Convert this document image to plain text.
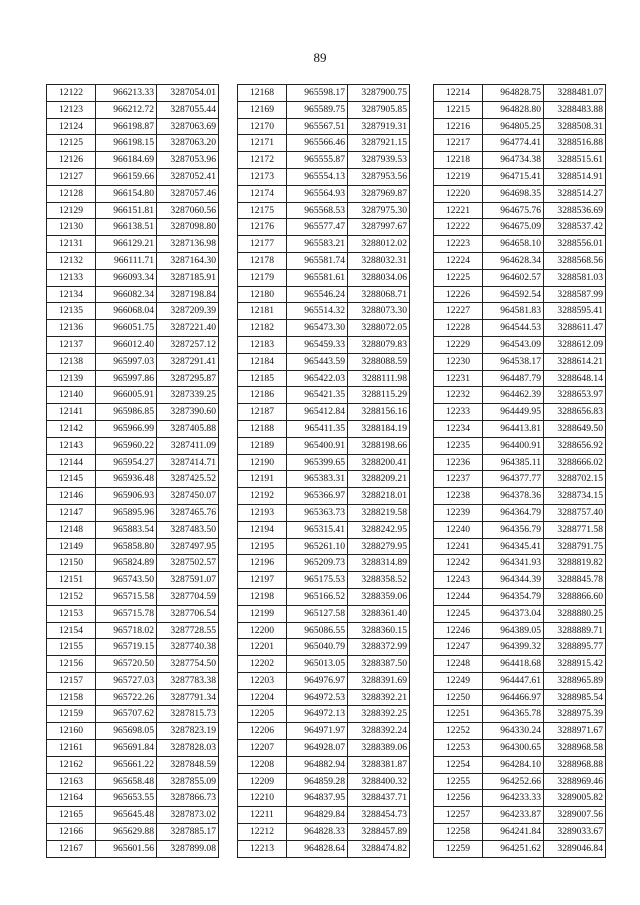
89
12122	966213.33	3287054.01
12123	966212.72	3287055.44
12124	966198.87	3287063.69
12125	966198.15	3287063.20
12126	966184.69	3287053.96
12127	966159.66	3287052.41
12128	966154.80	3287057.46
12129	966151.81	3287060.56
12130	966138.51	3287098.80
12131	966129.21	3287136.98
12132	966111.71	3287164.30
12133	966093.34	3287185.91
12134	966082.34	3287198.84
12135	966068.04	3287209.39
12136	966051.75	3287221.40
12137	966012.40	3287257.12
12138	965997.03	3287291.41
12139	965997.86	3287295.87
12140	966005.91	3287339.25
12141	965986.85	3287390.60
12142	965966.99	3287405.88
12143	965960.22	3287411.09
12144	965954.27	3287414.71
12145	965936.48	3287425.52
12146	965906.93	3287450.07
12147	965895.96	3287465.76
12148	965883.54	3287483.50
12149	965858.80	3287497.95
12150	965824.89	3287502.57
12151	965743.50	3287591.07
12152	965715.58	3287704.59
12153	965715.78	3287706.54
12154	965718.02	3287728.55
12155	965719.15	3287740.38
12156	965720.50	3287754.50
12157	965727.03	3287783.38
12158	965722.26	3287791.34
12159	965707.62	3287815.73
12160	965698.05	3287823.19
12161	965691.84	3287828.03
12162	965661.22	3287848.59
12163	965658.48	3287855.09
12164	965653.55	3287866.73
12165	965645.48	3287873.02
12166	965629.88	3287885.17
12167	965601.56	3287899.08
12168	965598.17	3287900.75
12169	965589.75	3287905.85
12170	965567.51	3287919.31
12171	965566.46	3287921.15
12172	965555.87	3287939.53
12173	965554.13	3287953.56
12174	965564.93	3287969.87
12175	965568.53	3287975.30
12176	965577.47	3287997.67
12177	965583.21	3288012.02
12178	965581.74	3288032.31
12179	965581.61	3288034.06
12180	965546.24	3288068.71
12181	965514.32	3288073.30
12182	965473.30	3288072.05
12183	965459.33	3288079.83
12184	965443.59	3288088.59
12185	965422.03	3288111.98
12186	965421.35	3288115.29
12187	965412.84	3288156.16
12188	965411.35	3288184.19
12189	965400.91	3288198.66
12190	965399.65	3288200.41
12191	965383.31	3288209.21
12192	965366.97	3288218.01
12193	965363.73	3288219.58
12194	965315.41	3288242.95
12195	965261.10	3288279.95
12196	965209.73	3288314.89
12197	965175.53	3288358.52
12198	965166.52	3288359.06
12199	965127.58	3288361.40
12200	965086.55	3288360.15
12201	965040.79	3288372.99
12202	965013.05	3288387.50
12203	964976.97	3288391.69
12204	964972.53	3288392.21
12205	964972.13	3288392.25
12206	964971.97	3288392.24
12207	964928.07	3288389.06
12208	964882.94	3288381.87
12209	964859.28	3288400.32
12210	964837.95	3288437.71
12211	964829.84	3288454.73
12212	964828.33	3288457.89
12213	964828.64	3288474.82
12214	964828.75	3288481.07
12215	964828.80	3288483.88
12216	964805.25	3288508.31
12217	964774.41	3288516.88
12218	964734.38	3288515.61
12219	964715.41	3288514.91
12220	964698.35	3288514.27
12221	964675.76	3288536.69
12222	964675.09	3288537.42
12223	964658.10	3288556.01
12224	964628.34	3288568.56
12225	964602.57	3288581.03
12226	964592.54	3288587.99
12227	964581.83	3288595.41
12228	964544.53	3288611.47
12229	964543.09	3288612.09
12230	964538.17	3288614.21
12231	964487.79	3288648.14
12232	964462.39	3288653.97
12233	964449.95	3288656.83
12234	964413.81	3288649.50
12235	964400.91	3288656.92
12236	964385.11	3288666.02
12237	964377.77	3288702.15
12238	964378.36	3288734.15
12239	964364.79	3288757.40
12240	964356.79	3288771.58
12241	964345.41	3288791.75
12242	964341.93	3288819.82
12243	964344.39	3288845.78
12244	964354.79	3288866.60
12245	964373.04	3288880.25
12246	964389.05	3288889.71
12247	964399.32	3288895.77
12248	964418.68	3288915.42
12249	964447.61	3288965.89
12250	964466.97	3288985.54
12251	964365.78	3288975.39
12252	964330.24	3288971.67
12253	964300.65	3288968.58
12254	964284.10	3288968.88
12255	964252.66	3288969.46
12256	964233.33	3289005.82
12257	964233.87	3289007.56
12258	964241.84	3289033.67
12259	964251.62	3289046.84
